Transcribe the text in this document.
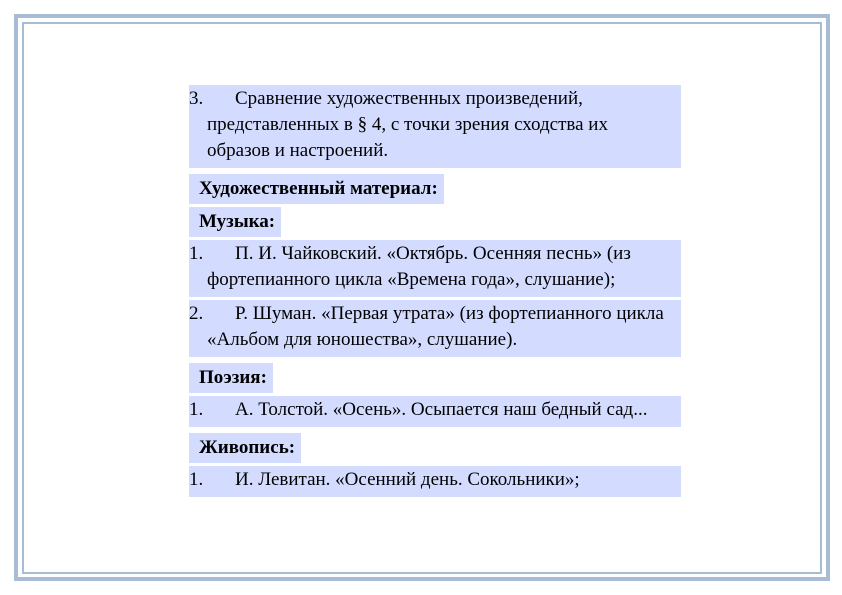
3. Сравнение художественных произведений, представленных в § 4, с точки зрения сходства их образов и настроений.
Художественный материал:
Музыка:
1. П. И. Чайковский. «Октябрь. Осенняя песнь» (из фортепианного цикла «Времена года», слушание);
2. Р. Шуман. «Первая утрата» (из фортепианного цикла «Альбом для юношества», слушание).
Поэзия:
1. А. Толстой. «Осень». Осыпается наш бедный сад...
Живопись:
1. И. Левитан. «Осенний день. Сокольники»;
